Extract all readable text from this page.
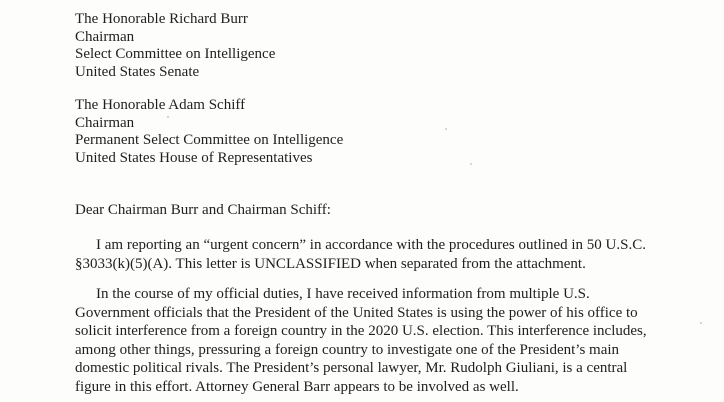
The Honorable Richard Burr
Chairman
Select Committee on Intelligence
United States Senate
The Honorable Adam Schiff
Chairman
Permanent Select Committee on Intelligence
United States House of Representatives
Dear Chairman Burr and Chairman Schiff:
I am reporting an “urgent concern” in accordance with the procedures outlined in 50 U.S.C.
§3033(k)(5)(A). This letter is UNCLASSIFIED when separated from the attachment.
In the course of my official duties, I have received information from multiple U.S.
Government officials that the President of the United States is using the power of his office to
solicit interference from a foreign country in the 2020 U.S. election. This interference includes,
among other things, pressuring a foreign country to investigate one of the President’s main
domestic political rivals. The President’s personal lawyer, Mr. Rudolph Giuliani, is a central
figure in this effort. Attorney General Barr appears to be involved as well.
